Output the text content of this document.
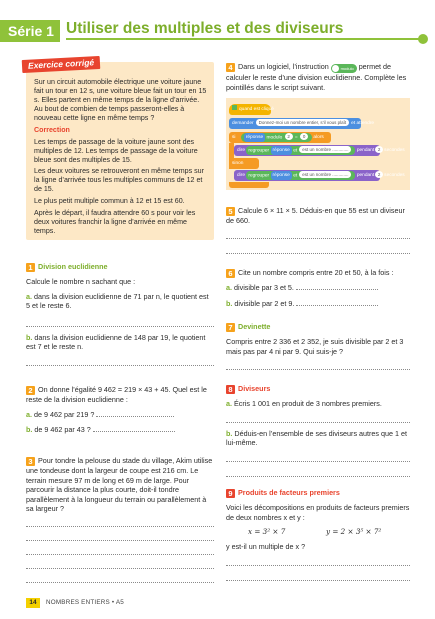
Série 1 Utiliser des multiples et des diviseurs
Exercice corrigé

Sur un circuit automobile électrique une voiture jaune fait un tour en 12 s, une voiture bleue fait un tour en 15 s. Elles partent en même temps de la ligne d’arrivée. Au bout de combien de temps passeront-elles à nouveau cette ligne en même temps ?

Correction

Les temps de passage de la voiture jaune sont des multiples de 12. Les temps de passage de la voiture bleue sont des multiples de 15.

Les deux voitures se retrouveront en même temps sur la ligne d’arrivée tous les multiples communs de 12 et de 15.

Le plus petit multiple commun à 12 et 15 est 60.

Après le départ, il faudra attendre 60 s pour voir les deux voitures franchir la ligne d’arrivée en même temps.

1 Division euclidienne

Calcule le nombre n sachant que :

a. dans la division euclidienne de 71 par n, le quotient est 5 et le reste 6.

b. dans la division euclidienne de 148 par 19, le quotient est 7 et le reste n.

2 On donne l’égalité 9 462 = 219 × 43 + 45. Quel est le reste de la division euclidienne :

a. de 9 462 par 219 ?

b. de 9 462 par 43 ?

3 Pour tondre la pelouse du stade du village, Akim utilise une tondeuse dont la largeur de coupe est 216 cm. Le terrain mesure 97 m de long et 69 m de large. Pour parcourir la distance la plus courte, doit-il tondre parallèlement à la longueur du terrain ou parallèlement à sa largeur ?

4 Dans un logiciel, l’instruction	modulo permet de calculer le reste d’une division euclidienne. Complète les pointillés dans le script suivant.

quand est cliqué
demander Donnez-moi un nombre entier, s’il vous plaît et attendre
si réponse modulo 2 = 0 alors
dire regrouper réponse et est un nombre ............. pendant 2 secondes
sinon
dire regrouper réponse et est un nombre ............. pendant 2 secondes

5 Calcule 6 × 11 × 5. Déduis-en que 55 est un diviseur de 660.

6 Cite un nombre compris entre 20 et 50, à la fois :

a. divisible par 3 et 5.

b. divisible par 2 et 9.

7 Devinette

Compris entre 2 336 et 2 352, je suis divisible par 2 et 3 mais pas par 4 ni par 9. Qui suis-je ?

8 Diviseurs

a. Écris 1 001 en produit de 3 nombres premiers.

b. Déduis-en l’ensemble de ses diviseurs autres que 1 et lui-même.

9 Produits de facteurs premiers

Voici les décompositions en produits de facteurs premiers de deux nombres x et y :

x = 3² × 7	y = 2 × 3⁵ × 7²

y est-il un multiple de x ?

14	NOMBRES ENTIERS • A5
